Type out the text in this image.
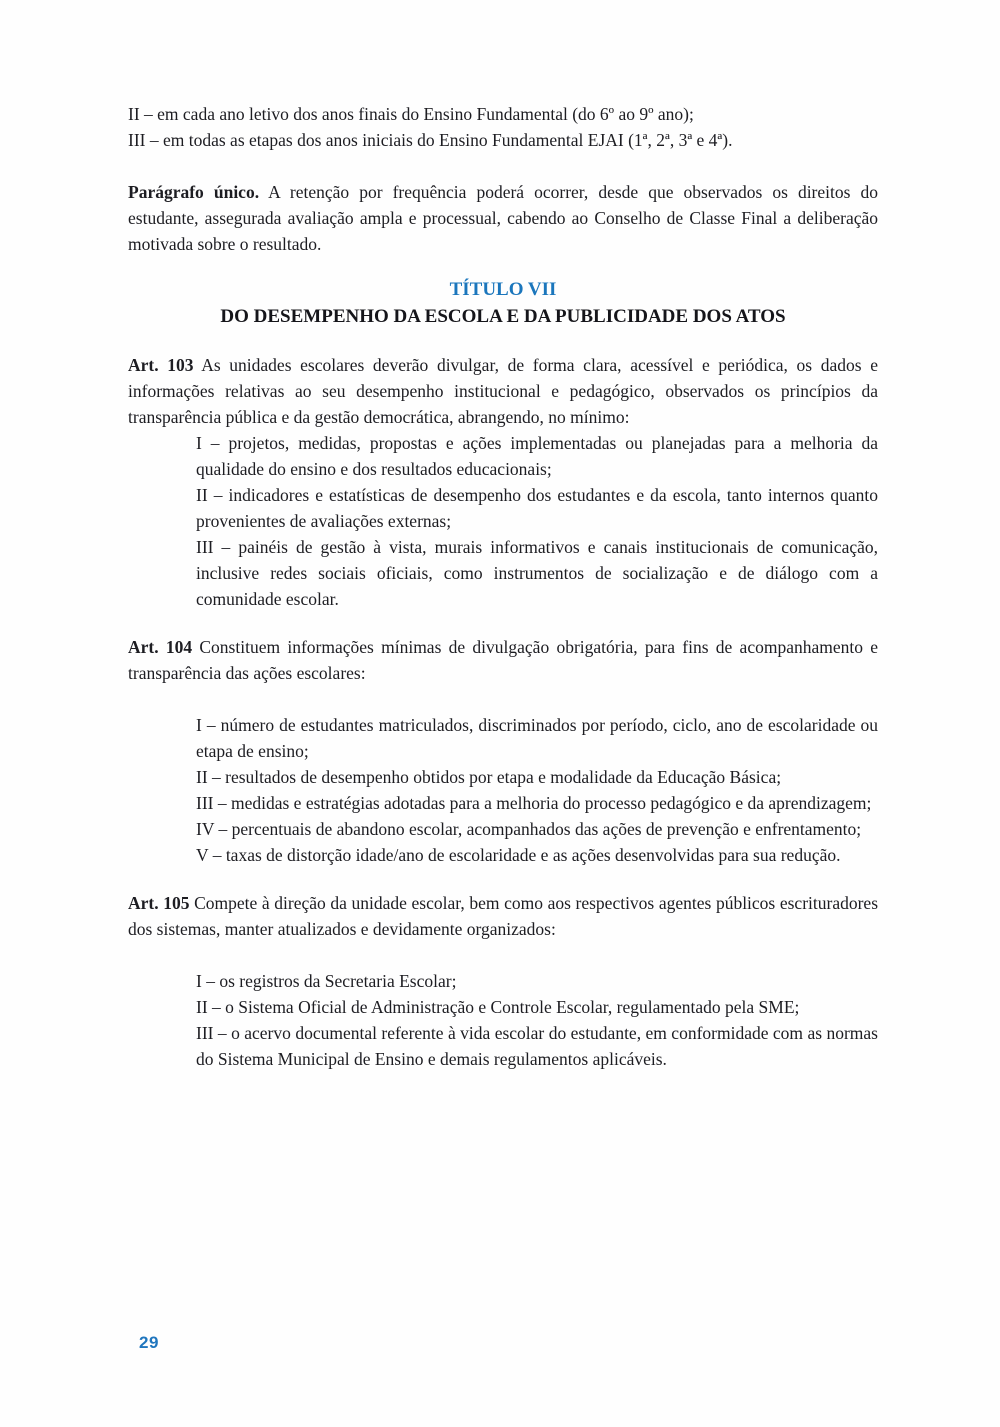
II – em cada ano letivo dos anos finais do Ensino Fundamental (do 6º ao 9º ano);

III – em todas as etapas dos anos iniciais do Ensino Fundamental EJAI (1ª, 2ª, 3ª e 4ª).

Parágrafo único. A retenção por frequência poderá ocorrer, desde que observados os direitos do estudante, assegurada avaliação ampla e processual, cabendo ao Conselho de Classe Final a deliberação motivada sobre o resultado.

TÍTULO VII
DO DESEMPENHO DA ESCOLA E DA PUBLICIDADE DOS ATOS

Art. 103 As unidades escolares deverão divulgar, de forma clara, acessível e periódica, os dados e informações relativas ao seu desempenho institucional e pedagógico, observados os princípios da transparência pública e da gestão democrática, abrangendo, no mínimo:

I – projetos, medidas, propostas e ações implementadas ou planejadas para a melhoria da qualidade do ensino e dos resultados educacionais;

II – indicadores e estatísticas de desempenho dos estudantes e da escola, tanto internos quanto provenientes de avaliações externas;

III – painéis de gestão à vista, murais informativos e canais institucionais de comunicação, inclusive redes sociais oficiais, como instrumentos de socialização e de diálogo com a comunidade escolar.

Art. 104 Constituem informações mínimas de divulgação obrigatória, para fins de acompanhamento e transparência das ações escolares:

I – número de estudantes matriculados, discriminados por período, ciclo, ano de escolaridade ou etapa de ensino;

II – resultados de desempenho obtidos por etapa e modalidade da Educação Básica;

III – medidas e estratégias adotadas para a melhoria do processo pedagógico e da aprendizagem;

IV – percentuais de abandono escolar, acompanhados das ações de prevenção e enfrentamento;

V – taxas de distorção idade/ano de escolaridade e as ações desenvolvidas para sua redução.

Art. 105 Compete à direção da unidade escolar, bem como aos respectivos agentes públicos escrituradores dos sistemas, manter atualizados e devidamente organizados:

I – os registros da Secretaria Escolar;

II – o Sistema Oficial de Administração e Controle Escolar, regulamentado pela SME;

III – o acervo documental referente à vida escolar do estudante, em conformidade com as normas do Sistema Municipal de Ensino e demais regulamentos aplicáveis.

29
